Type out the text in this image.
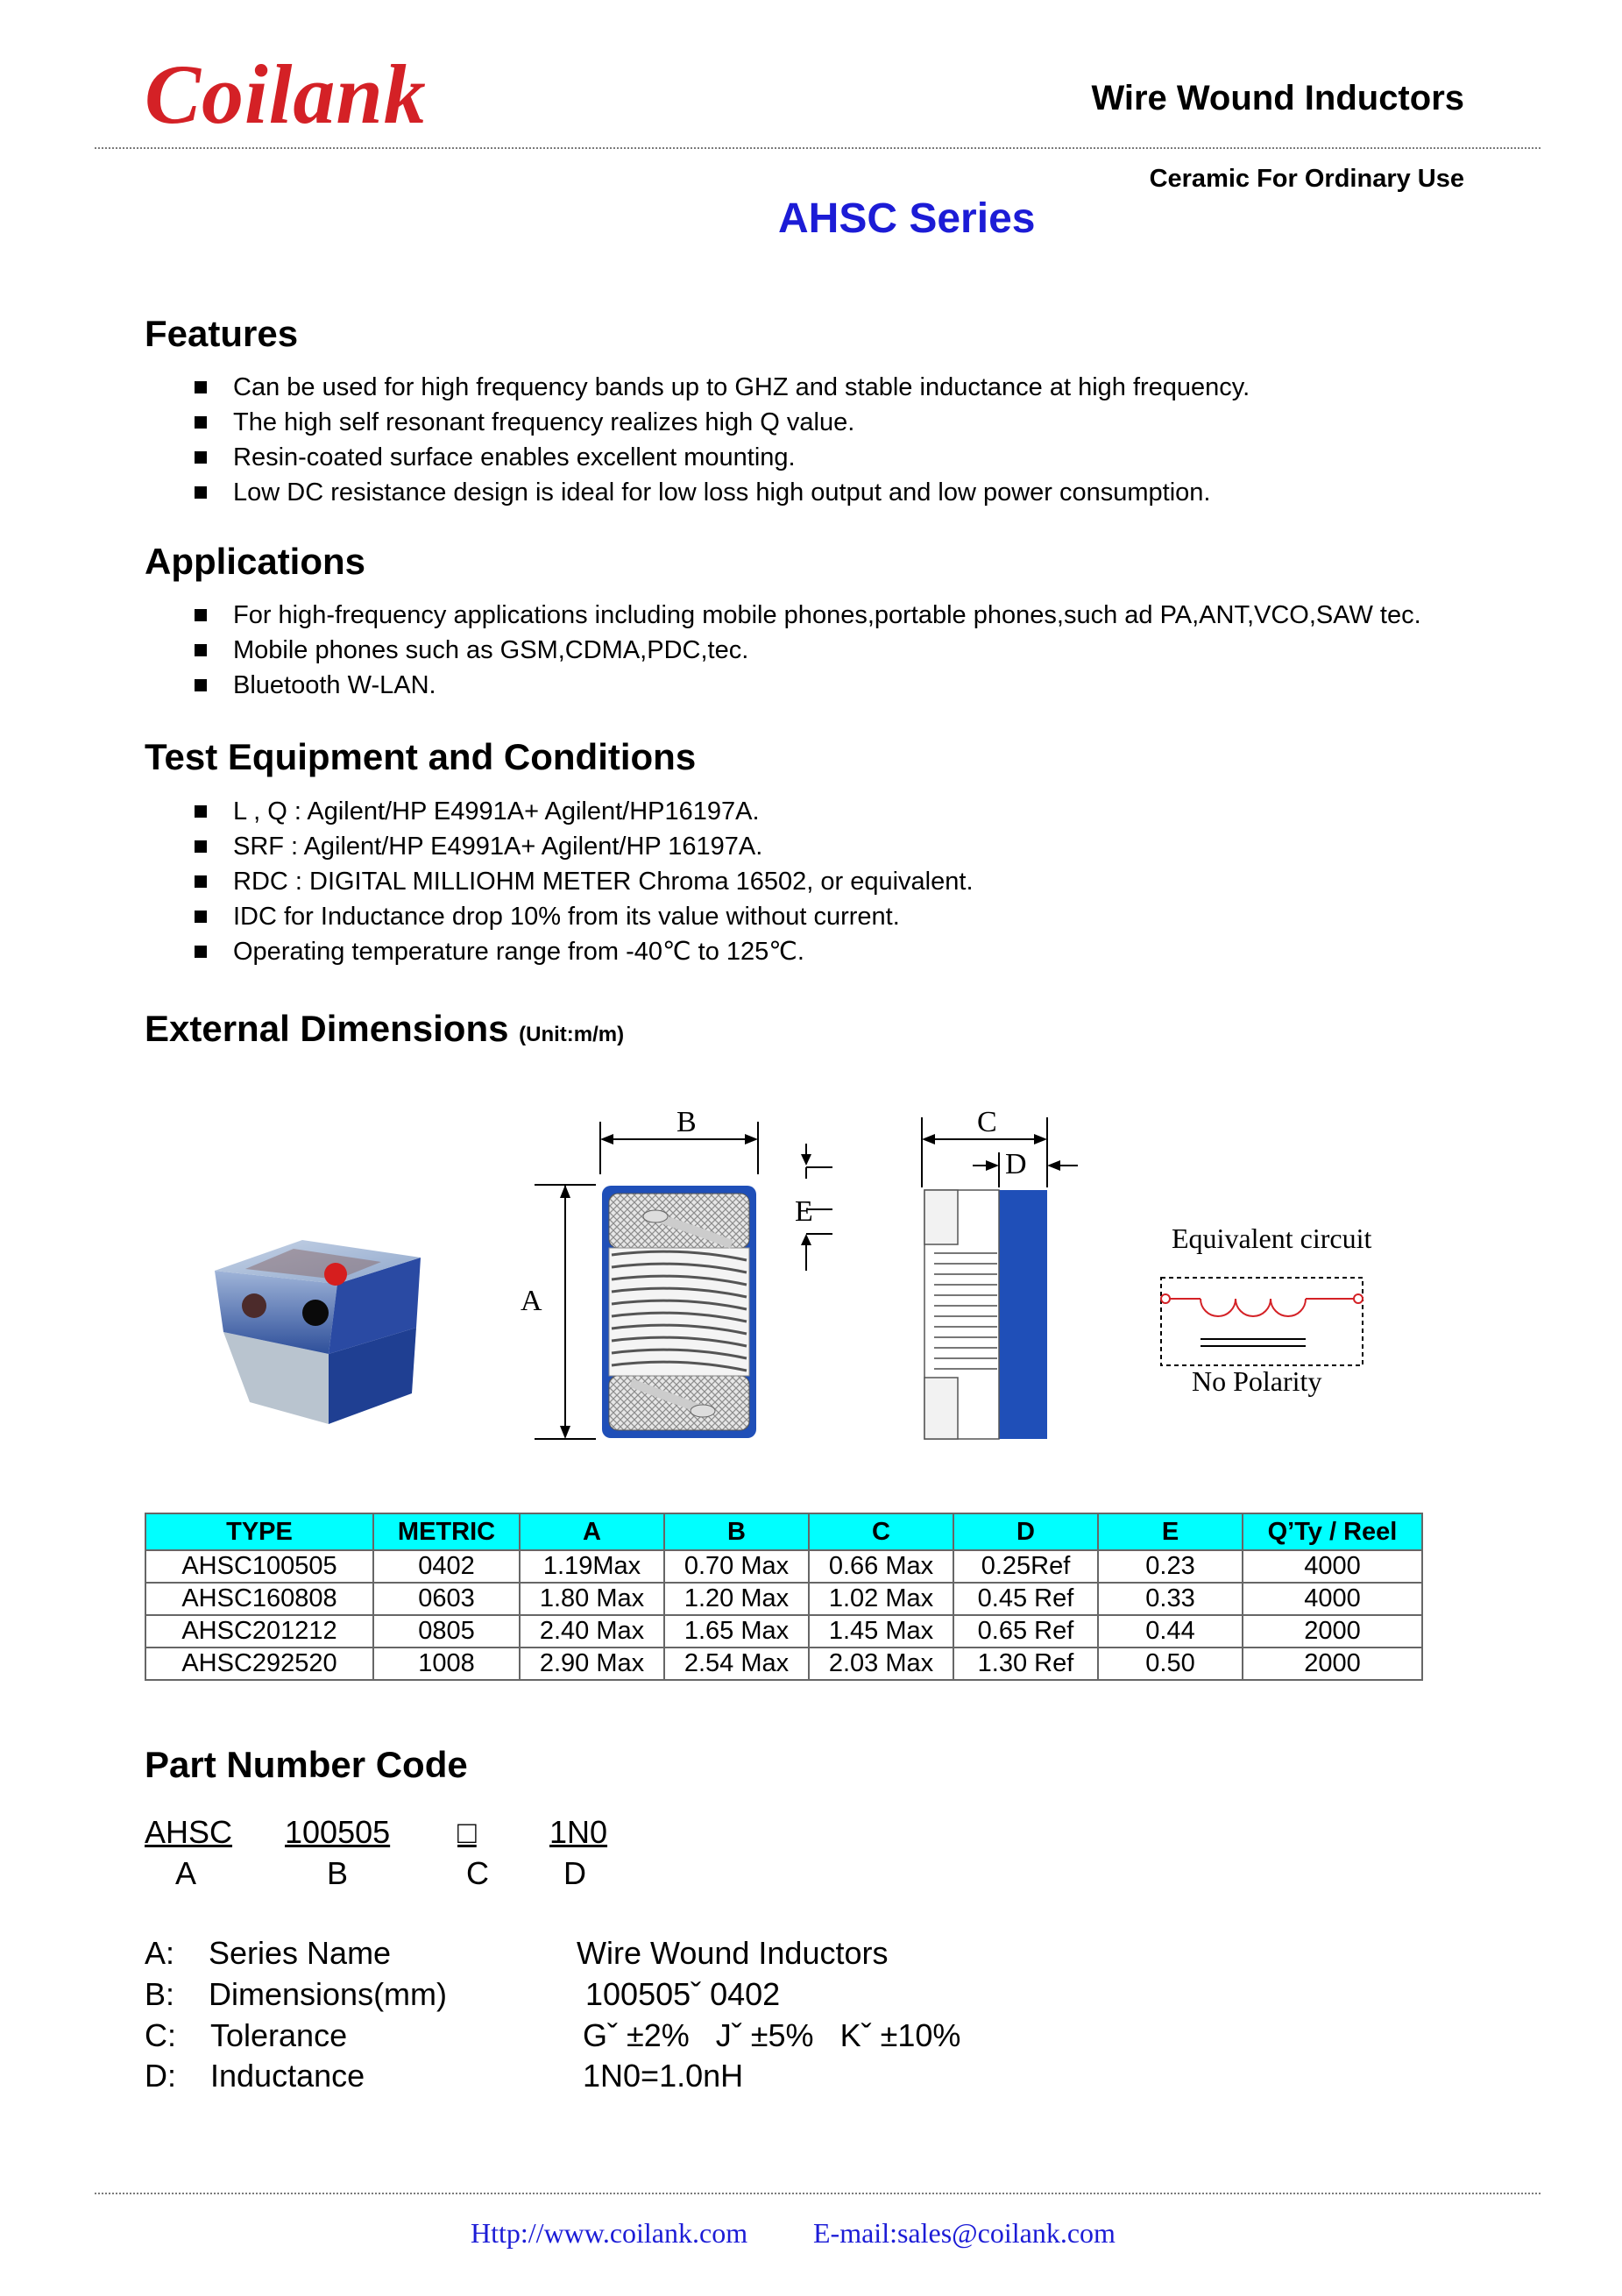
Coilank	Wire Wound Inductors
Ceramic For Ordinary Use
AHSC Series
Features
Can be used for high frequency bands up to GHZ and stable inductance at high frequency.
The high self resonant frequency realizes high Q value.
Resin-coated surface enables excellent mounting.
Low DC resistance design is ideal for low loss high output and low power consumption.
Applications
For high-frequency applications including mobile phones,portable phones,such ad PA,ANT,VCO,SAW tec.
Mobile phones such as GSM,CDMA,PDC,tec.
Bluetooth W-LAN.
Test Equipment and Conditions
L , Q : Agilent/HP E4991A+ Agilent/HP16197A.
SRF : Agilent/HP E4991A+ Agilent/HP 16197A.
RDC : DIGITAL MILLIOHM METER Chroma 16502, or equivalent.
IDC for Inductance drop 10% from its value without current.
Operating temperature range from -40℃ to 125℃.
External Dimensions (Unit:m/m)
B
A
E
C
D
Equivalent circuit
No Polarity
TYPE	METRIC	A	B	C	D	E	Q’Ty / Reel
AHSC100505	0402	1.19Max	0.70 Max	0.66 Max	0.25Ref	0.23	4000
AHSC160808	0603	1.80 Max	1.20 Max	1.02 Max	0.45 Ref	0.33	4000
AHSC201212	0805	2.40 Max	1.65 Max	1.45 Max	0.65 Ref	0.44	2000
AHSC292520	1008	2.90 Max	2.54 Max	2.03 Max	1.30 Ref	0.50	2000
Part Number Code
AHSC 100505 □ 1N0
A	B	C D
A: Series Name	Wire Wound Inductors
B: Dimensions(mm)	100505ˇ 0402
C: Tolerance	Gˇ ±2%   Jˇ ±5%   Kˇ ±10%
D: Inductance	1N0=1.0nH
Http://www.coilank.com E-mail:sales@coilank.com
